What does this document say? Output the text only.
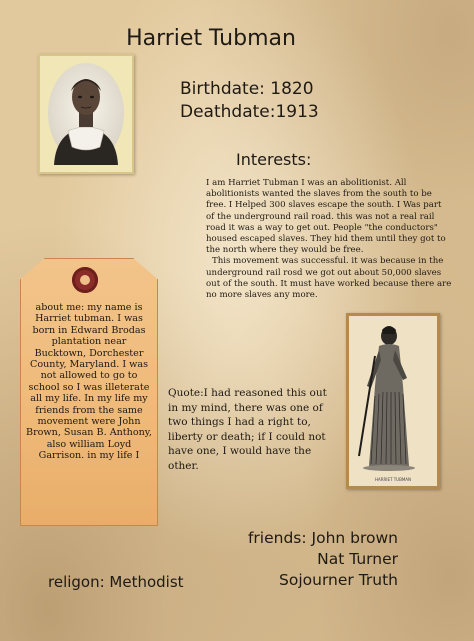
Harriet Tubman
Birthdate: 1820
Deathdate:1913
Interests:

I am Harriet Tubman I was an abolitionist. All abolitionists wanted the slaves from the south to be free. I Helped 300 slaves escape the south. I Was part of the underground rail road. this was not a real rail road it was a way to get out. People "the conductors" housed escaped slaves. They hid them until they got to the north where they would be free.

This movement was successful. it was because in the underground rail rosd we got out about 50,000 slaves out of the south. It must have worked because there are no more slaves any more.

about me: my name is Harriet tubman. I was born in Edward Brodas plantation near Bucktown, Dorchester County, Maryland. I was not allowed to go to school so I was illeterate all my life. In my life my friends from the same movement were John Brown, Susan B. Anthony, also william Loyd Garrison. in my life I
Quote:I had reasoned this out in my mind, there was one of two things I had a right to, liberty or death; if I could not have one, I would have the other.
HARRIET TUBMAN
friends: John brown
Nat Turner
Sojourner Truth
religon: Methodist
